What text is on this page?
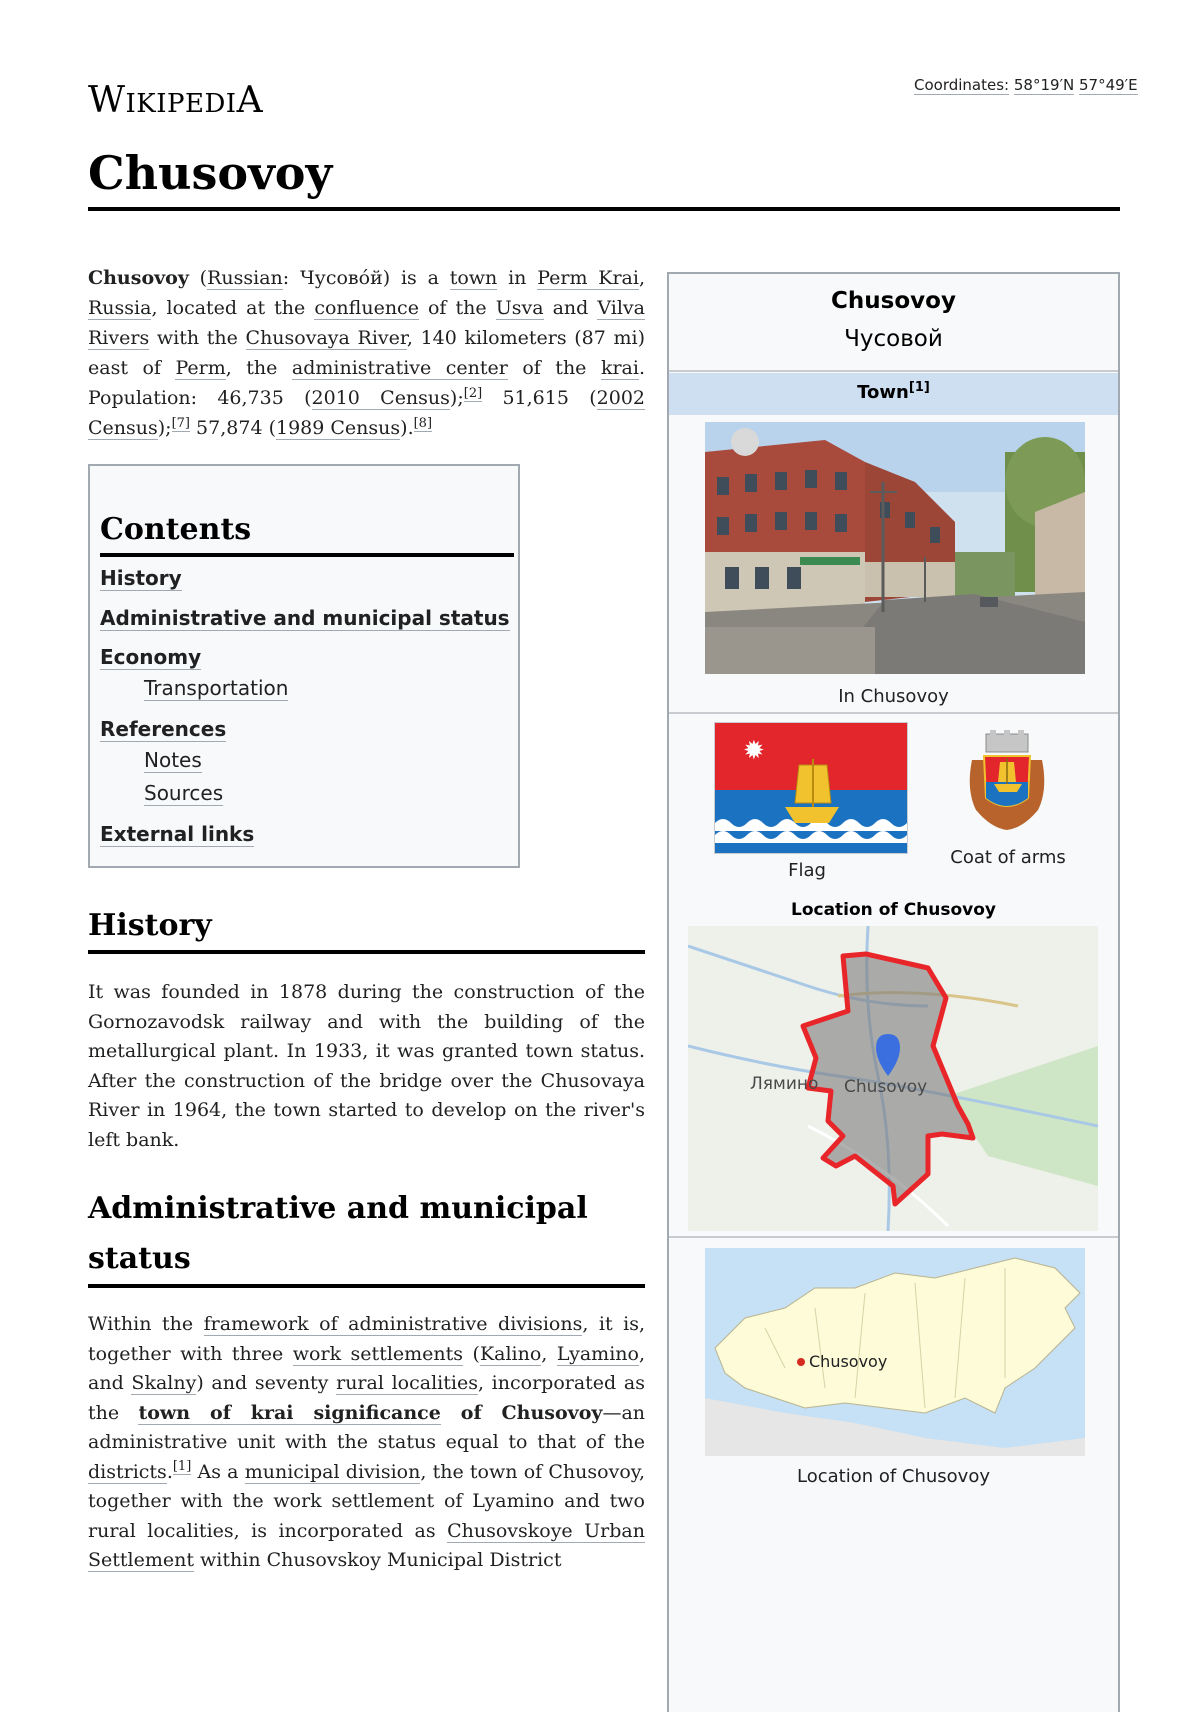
WIKIPEDIA	Coordinates: 58°19′N 57°49′E
Chusovoy

Chusovoy (Russian: Чусово́й) is a town in Perm Krai, Russia, located at the confluence of the Usva and Vilva Rivers with the Chusovaya River, 140 kilometers (87 mi) east of Perm, the administrative center of the krai. Population: 46,735 (2010 Census);[2] 51,615 (2002 Census);[7] 57,874 (1989 Census).[8]

Contents
History
Administrative and municipal status
Economy
Transportation
References
Notes
Sources
External links
History

It was founded in 1878 during the construction of the Gornozavodsk railway and with the building of the metallurgical plant. In 1933, it was granted town status. After the construction of the bridge over the Chusovaya River in 1964, the town started to develop on the river's left bank.

Administrative and municipal
status

Within the framework of administrative divisions, it is, together with three work settlements (Kalino, Lyamino, and Skalny) and seventy rural localities, incorporated as the town of krai significance of Chusovoy—an administrative unit with the status equal to that of the districts.[1] As a municipal division, the town of Chusovoy, together with the work settlement of Lyamino and two rural localities, is incorporated as Chusovskoye Urban Settlement within Chusovskoy Municipal District

Chusovoy
Чусовой
Town[1]
In Chusovoy
✹
Flag
Coat of arms
Location of Chusovoy
Лямино Chusovoy
Chusovoy
Location of Chusovoy
